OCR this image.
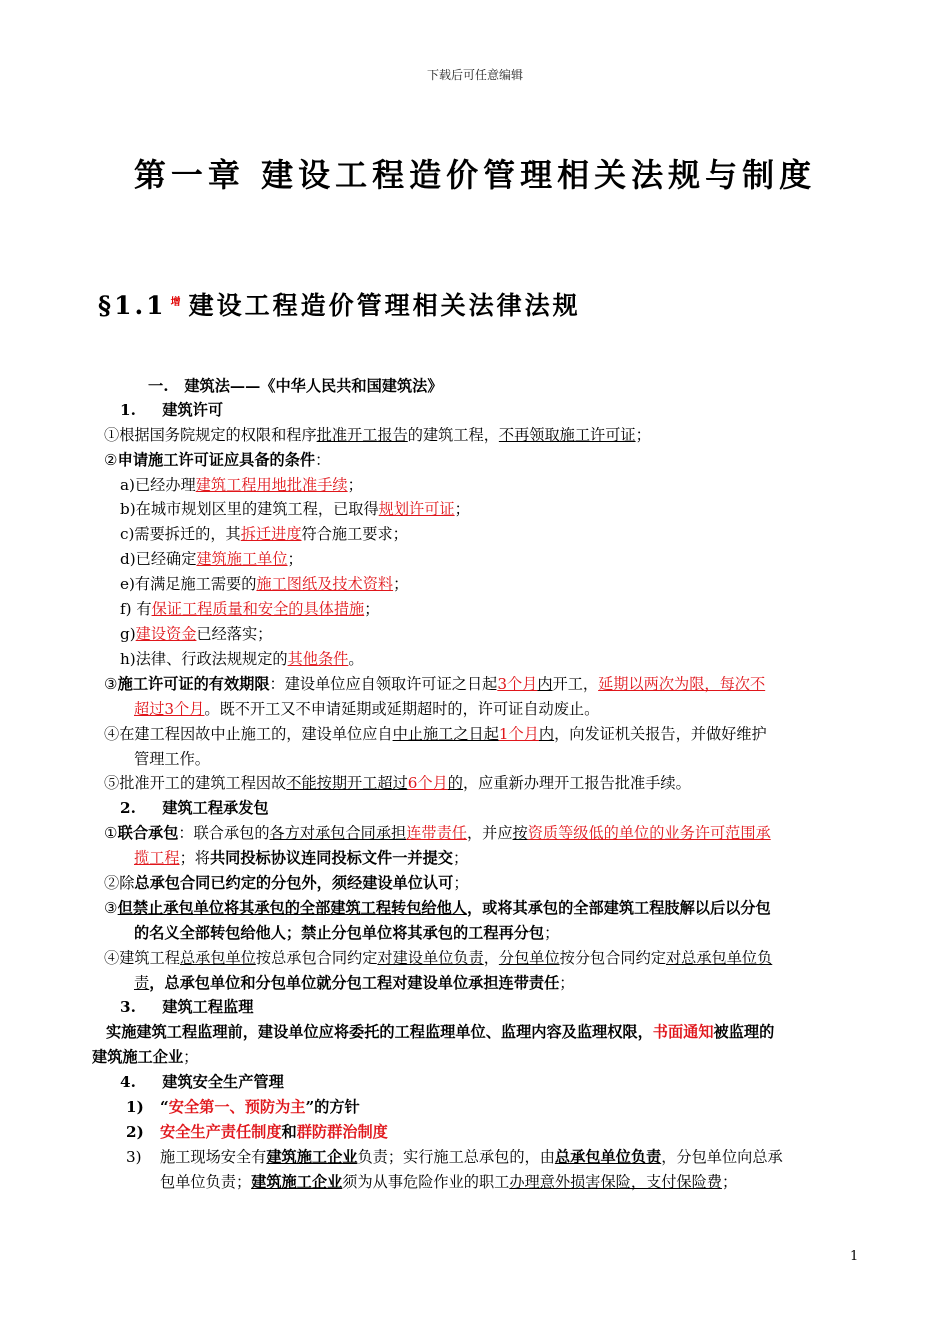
下载后可任意编辑
第一章 建设工程造价管理相关法规与制度
§1.1 $^增$ 建设工程造价管理相关法律法规
一.   建筑法——《中华人民共和国建筑法》
1.     建筑许可
①根据国务院规定的权限和程序批准开工报告的建筑工程，不再领取施工许可证；
②申请施工许可证应具备的条件：
a)已经办理建筑工程用地批准手续；
b)在城市规划区里的建筑工程，已取得规划许可证；
c)需要拆迁的，其拆迁进度符合施工要求；
d)已经确定建筑施工单位；
e)有满足施工需要的施工图纸及技术资料；
f) 有保证工程质量和安全的具体措施；
g)建设资金已经落实；
h)法律、行政法规规定的其他条件。
③施工许可证的有效期限：建设单位应自领取许可证之日起3个月内开工，延期以两次为限，每次不
超过3个月。既不开工又不申请延期或延期超时的，许可证自动废止。
④在建工程因故中止施工的，建设单位应自中止施工之日起1个月内，向发证机关报告，并做好维护
管理工作。
⑤批准开工的建筑工程因故不能按期开工超过6个月的，应重新办理开工报告批准手续。
2.     建筑工程承发包
①联合承包：联合承包的各方对承包合同承担连带责任，并应按资质等级低的单位的业务许可范围承
揽工程；将共同投标协议连同投标文件一并提交；
②除总承包合同已约定的分包外，须经建设单位认可；
③但禁止承包单位将其承包的全部建筑工程转包给他人，或将其承包的全部建筑工程肢解以后以分包
的名义全部转包给他人；禁止分包单位将其承包的工程再分包；
④建筑工程总承包单位按总承包合同约定对建设单位负责，分包单位按分包合同约定对总承包单位负
责，总承包单位和分包单位就分包工程对建设单位承担连带责任；
3.     建筑工程监理
实施建筑工程监理前，建设单位应将委托的工程监理单位、监理内容及监理权限，书面通知被监理的
建筑施工企业；
4.     建筑安全生产管理
1) “安全第一、预防为主”的方针
2) 安全生产责任制度和群防群治制度
3) 施工现场安全有建筑施工企业负责；实行施工总承包的，由总承包单位负责，分包单位向总承
包单位负责；建筑施工企业须为从事危险作业的职工办理意外损害保险，支付保险费；
1
